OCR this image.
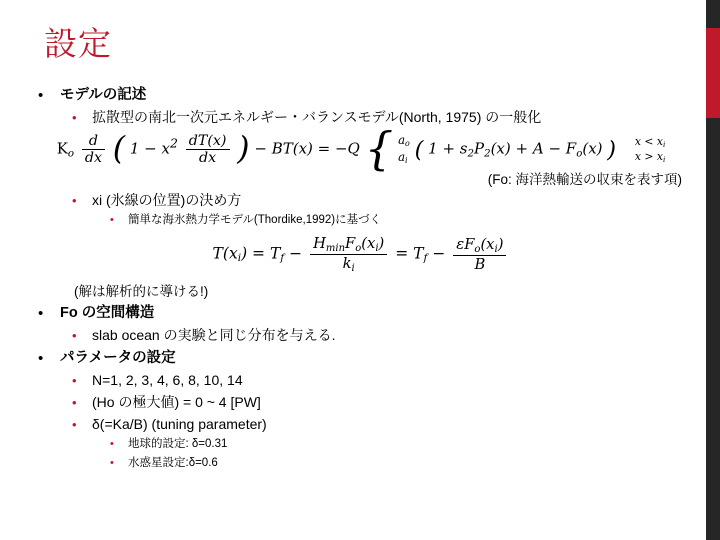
設定
•	モデルの記述
•	拡散型の南北一次元エネルギー・バランスモデル(North, 1975) の一般化
$K_o \frac{d}{dx}$ ( $1 - x^2 \frac{dT(x)}{dx}$ ) − BT(x) = −Q { $a_o$
$a_i$ ( $1 + s_2P_2(x) + A - F_o(x)$ ) $x < x_i$
$x > x_i$
(Fo: 海洋熱輸送の収束を表す項)
•	xi (氷線の位置)の決め方
•	簡単な海氷熱力学モデル(Thordike,1992)に基づく
$T(x_i) = T_f - \frac{H_{min}F_o(x_i)}{k_i} = T_f - \frac{\varepsilon F_o(x_i)}{B}$
(解は解析的に導ける!)
•	Fo の空間構造
•	slab ocean の実験と同じ分布を与える.
•	パラメータの設定
•	N=1, 2, 3, 4, 6, 8, 10, 14
•	(Ho の極大値) = 0 ~ 4 [PW]
•	δ(=Ka/B) (tuning parameter)
•	地球的設定: δ=0.31
•	水惑星設定:δ=0.6
